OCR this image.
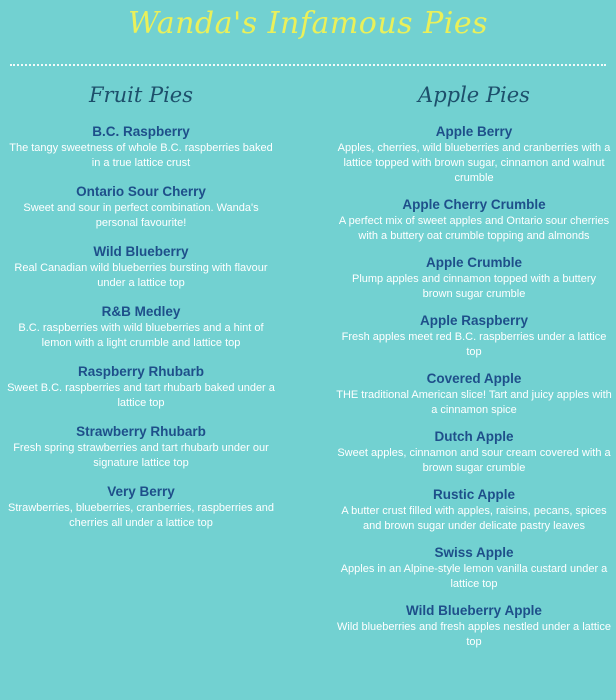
Wanda's Infamous Pies
Fruit Pies
B.C. Raspberry
The tangy sweetness of whole B.C. raspberries baked in a true lattice crust
Ontario Sour Cherry
Sweet and sour in perfect combination. Wanda's personal favourite!
Wild Blueberry
Real Canadian wild blueberries bursting with flavour under a lattice top
R&B Medley
B.C. raspberries with wild blueberries and a hint of lemon with a light crumble and lattice top
Raspberry Rhubarb
Sweet B.C. raspberries and tart rhubarb baked under a lattice top
Strawberry Rhubarb
Fresh spring strawberries and tart rhubarb under our signature lattice top
Very Berry
Strawberries, blueberries, cranberries, raspberries and cherries all under a lattice top
Apple Pies
Apple Berry
Apples, cherries, wild blueberries and cranberries with a lattice topped with brown sugar, cinnamon and walnut crumble
Apple Cherry Crumble
A perfect mix of sweet apples and Ontario sour cherries with a buttery oat crumble topping and almonds
Apple Crumble
Plump apples and cinnamon topped with a buttery brown sugar crumble
Apple Raspberry
Fresh apples meet red B.C. raspberries under a lattice top
Covered Apple
THE traditional American slice! Tart and juicy apples with a cinnamon spice
Dutch Apple
Sweet apples, cinnamon and sour cream covered with a brown sugar crumble
Rustic Apple
A butter crust filled with apples, raisins, pecans, spices and brown sugar under delicate pastry leaves
Swiss Apple
Apples in an Alpine-style lemon vanilla custard under a lattice top
Wild Blueberry Apple
Wild blueberries and fresh apples nestled under a lattice top
